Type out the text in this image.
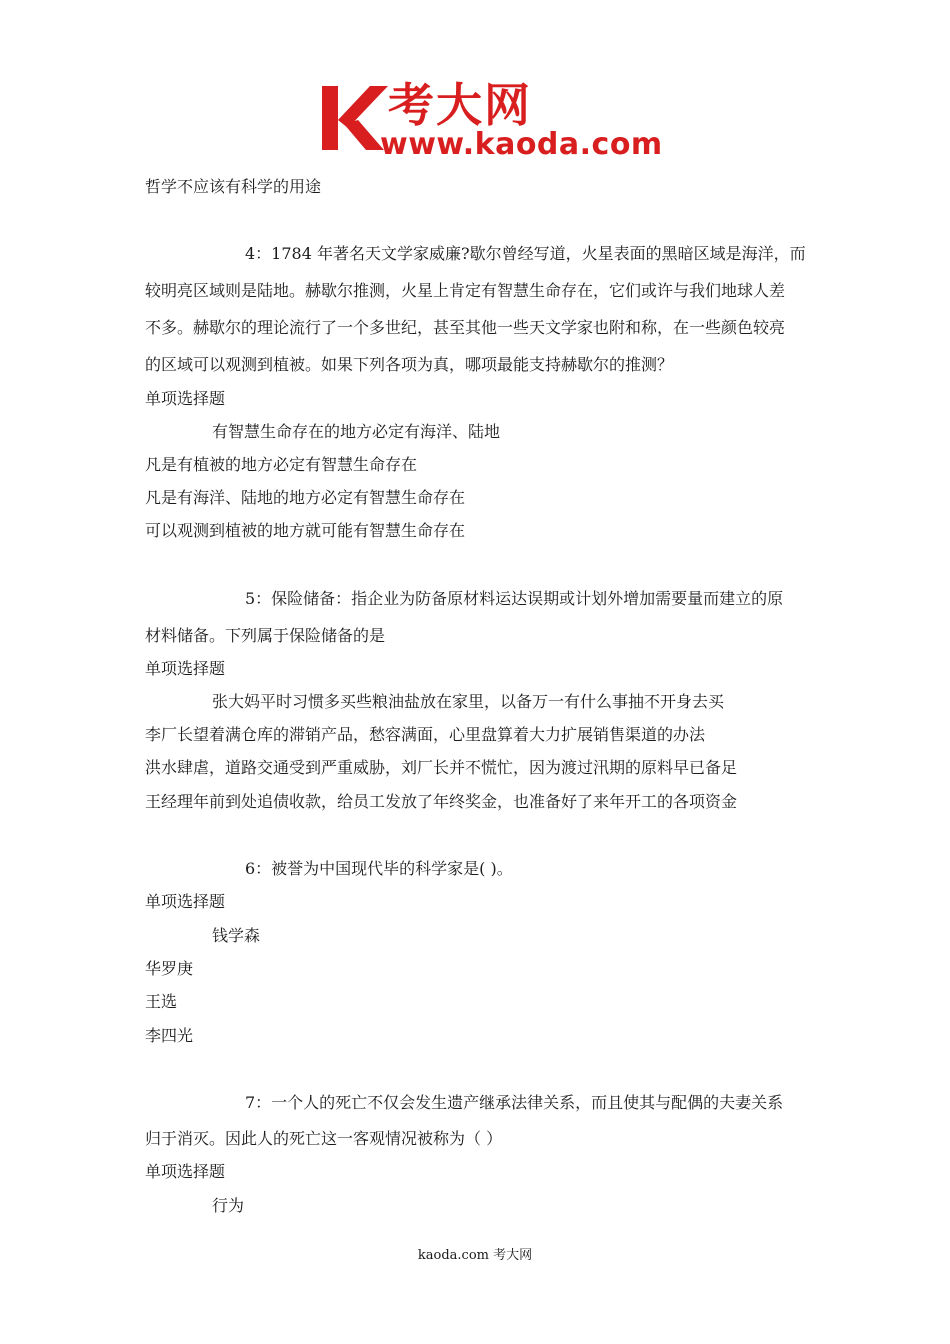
考大网
www.kaoda.com
哲学不应该有科学的用途
4：1784 年著名天文学家威廉?歇尔曾经写道，火星表面的黑暗区域是海洋，而
较明亮区域则是陆地。赫歇尔推测，火星上肯定有智慧生命存在，它们或许与我们地球人差
不多。赫歇尔的理论流行了一个多世纪，甚至其他一些天文学家也附和称，在一些颜色较亮
的区域可以观测到植被。如果下列各项为真，哪项最能支持赫歇尔的推测？
单项选择题
有智慧生命存在的地方必定有海洋、陆地
凡是有植被的地方必定有智慧生命存在
凡是有海洋、陆地的地方必定有智慧生命存在
可以观测到植被的地方就可能有智慧生命存在
5：保险储备：指企业为防备原材料运达误期或计划外增加需要量而建立的原
材料储备。下列属于保险储备的是
单项选择题
张大妈平时习惯多买些粮油盐放在家里，以备万一有什么事抽不开身去买
李厂长望着满仓库的滞销产品，愁容满面，心里盘算着大力扩展销售渠道的办法
洪水肆虐，道路交通受到严重威胁，刘厂长并不慌忙，因为渡过汛期的原料早已备足
王经理年前到处追债收款，给员工发放了年终奖金，也准备好了来年开工的各项资金
6：被誉为中国现代毕的科学家是( )。
单项选择题
钱学森
华罗庚
王选
李四光
7：一个人的死亡不仅会发生遗产继承法律关系，而且使其与配偶的夫妻关系
归于消灭。因此人的死亡这一客观情况被称为（ ）
单项选择题
行为
kaoda.com 考大网
